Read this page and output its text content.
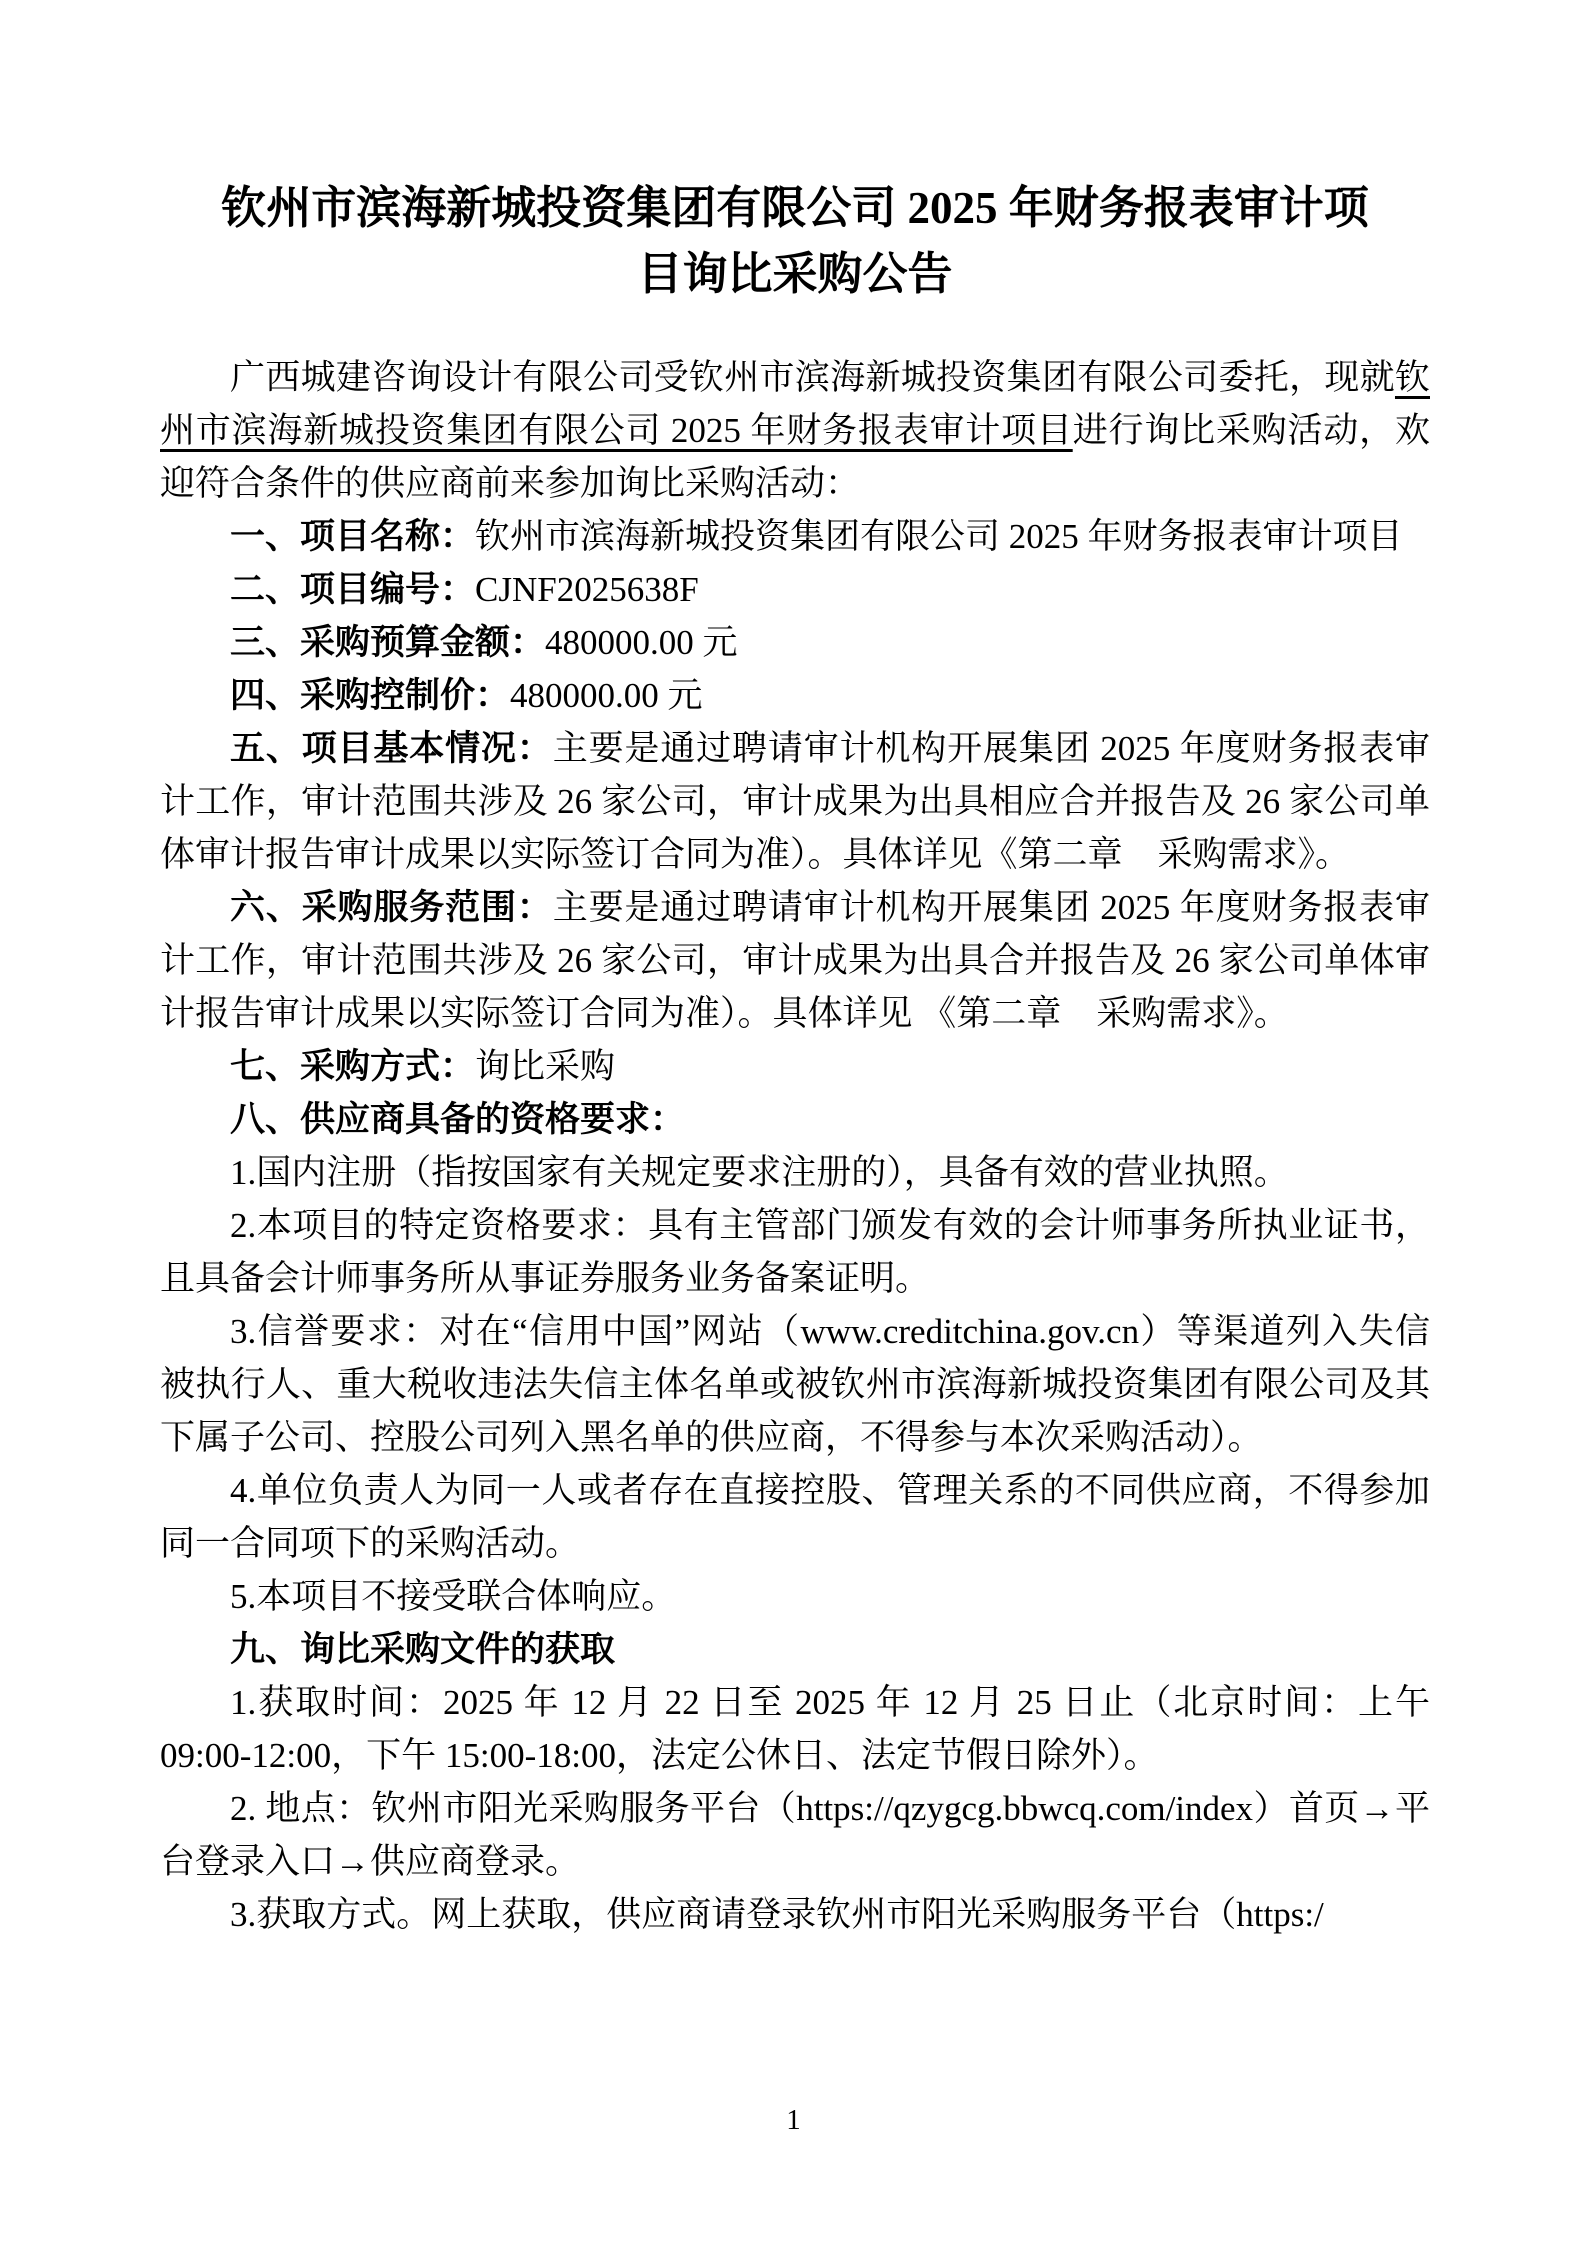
钦州市滨海新城投资集团有限公司 2025 年财务报表审计项目询比采购公告

广西城建咨询设计有限公司受钦州市滨海新城投资集团有限公司委托，现就钦州市滨海新城投资集团有限公司 2025 年财务报表审计项目进行询比采购活动，欢迎符合条件的供应商前来参加询比采购活动：

一、项目名称：钦州市滨海新城投资集团有限公司 2025 年财务报表审计项目

二、项目编号：CJNF2025638F

三、采购预算金额：480000.00 元

四、采购控制价：480000.00 元

五、项目基本情况：主要是通过聘请审计机构开展集团 2025 年度财务报表审计工作，审计范围共涉及 26 家公司，审计成果为出具相应合并报告及 26 家公司单体审计报告审计成果以实际签订合同为准）。具体详见《第二章　采购需求》。

六、采购服务范围：主要是通过聘请审计机构开展集团 2025 年度财务报表审计工作，审计范围共涉及 26 家公司，审计成果为出具合并报告及 26 家公司单体审计报告审计成果以实际签订合同为准）。具体详见 《第二章　采购需求》。

七、采购方式：询比采购

八、供应商具备的资格要求：

1.国内注册（指按国家有关规定要求注册的），具备有效的营业执照。

2.本项目的特定资格要求：具有主管部门颁发有效的会计师事务所执业证书，且具备会计师事务所从事证券服务业务备案证明。

3.信誉要求：对在“信用中国”网站（www.creditchina.gov.cn）等渠道列入失信被执行人、重大税收违法失信主体名单或被钦州市滨海新城投资集团有限公司及其下属子公司、控股公司列入黑名单的供应商，不得参与本次采购活动）。

4.单位负责人为同一人或者存在直接控股、管理关系的不同供应商，不得参加同一合同项下的采购活动。

5.本项目不接受联合体响应。

九、询比采购文件的获取

1.获取时间：2025 年 12 月 22 日至 2025 年 12 月 25 日止（北京时间：上午 09:00-12:00，下午 15:00-18:00，法定公休日、法定节假日除外）。

2. 地点：钦州市阳光采购服务平台（https://qzygcg.bbwcq.com/index）首页→平台登录入口→供应商登录。

3.获取方式。网上获取，供应商请登录钦州市阳光采购服务平台（https:/

1
